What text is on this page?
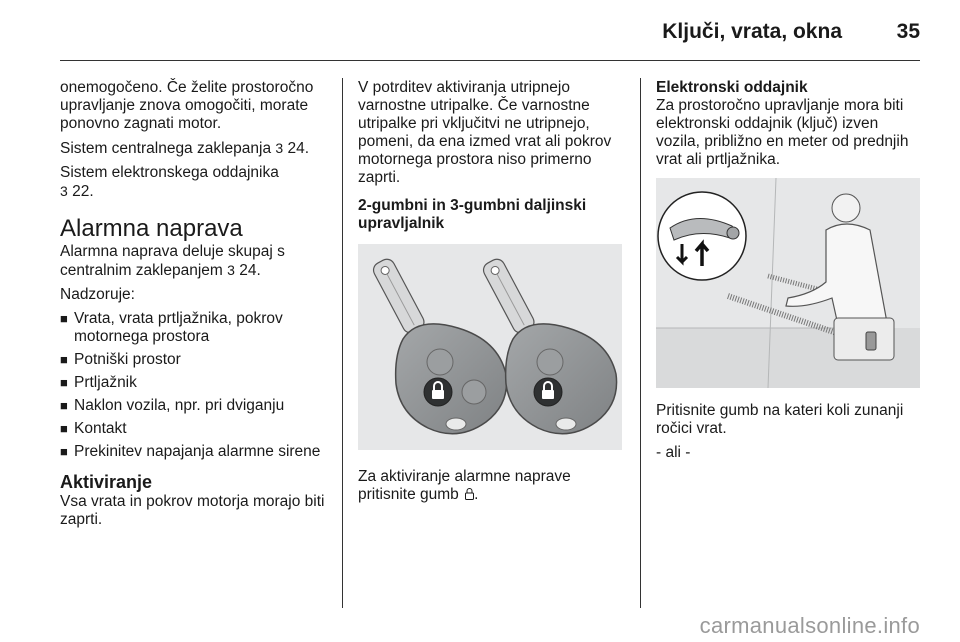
Ključi, vrata, okna	35

onemogočeno. Če želite prostoročno upravljanje znova omogočiti, morate ponovno zagnati motor.

Sistem centralnega zaklepanja 3 24.

Sistem elektronskega oddajnika
3 22.

Alarmna naprava

Alarmna naprava deluje skupaj s centralnim zaklepanjem 3 24.

Nadzoruje:

■ Vrata, vrata prtljažnika, pokrov motornega prostora
■ Potniški prostor
■ Prtljažnik
■ Naklon vozila, npr. pri dviganju
■ Kontakt
■ Prekinitev napajanja alarmne sirene
Aktiviranje

Vsa vrata in pokrov motorja morajo biti zaprti.

V potrditev aktiviranja utripnejo varnostne utripalke. Če varnostne utripalke pri vključitvi ne utripnejo, pomeni, da ena izmed vrat ali pokrov motornega prostora niso primerno zaprti.

2-gumbni in 3-gumbni daljinski upravljalnik

Za aktiviranje alarmne naprave pritisnite gumb .

Elektronski oddajnik

Za prostoročno upravljanje mora biti elektronski oddajnik (ključ) izven vozila, približno en meter od prednjih vrat ali prtljažnika.

Pritisnite gumb na kateri koli zunanji ročici vrat.

- ali -

carmanualsonline.info
